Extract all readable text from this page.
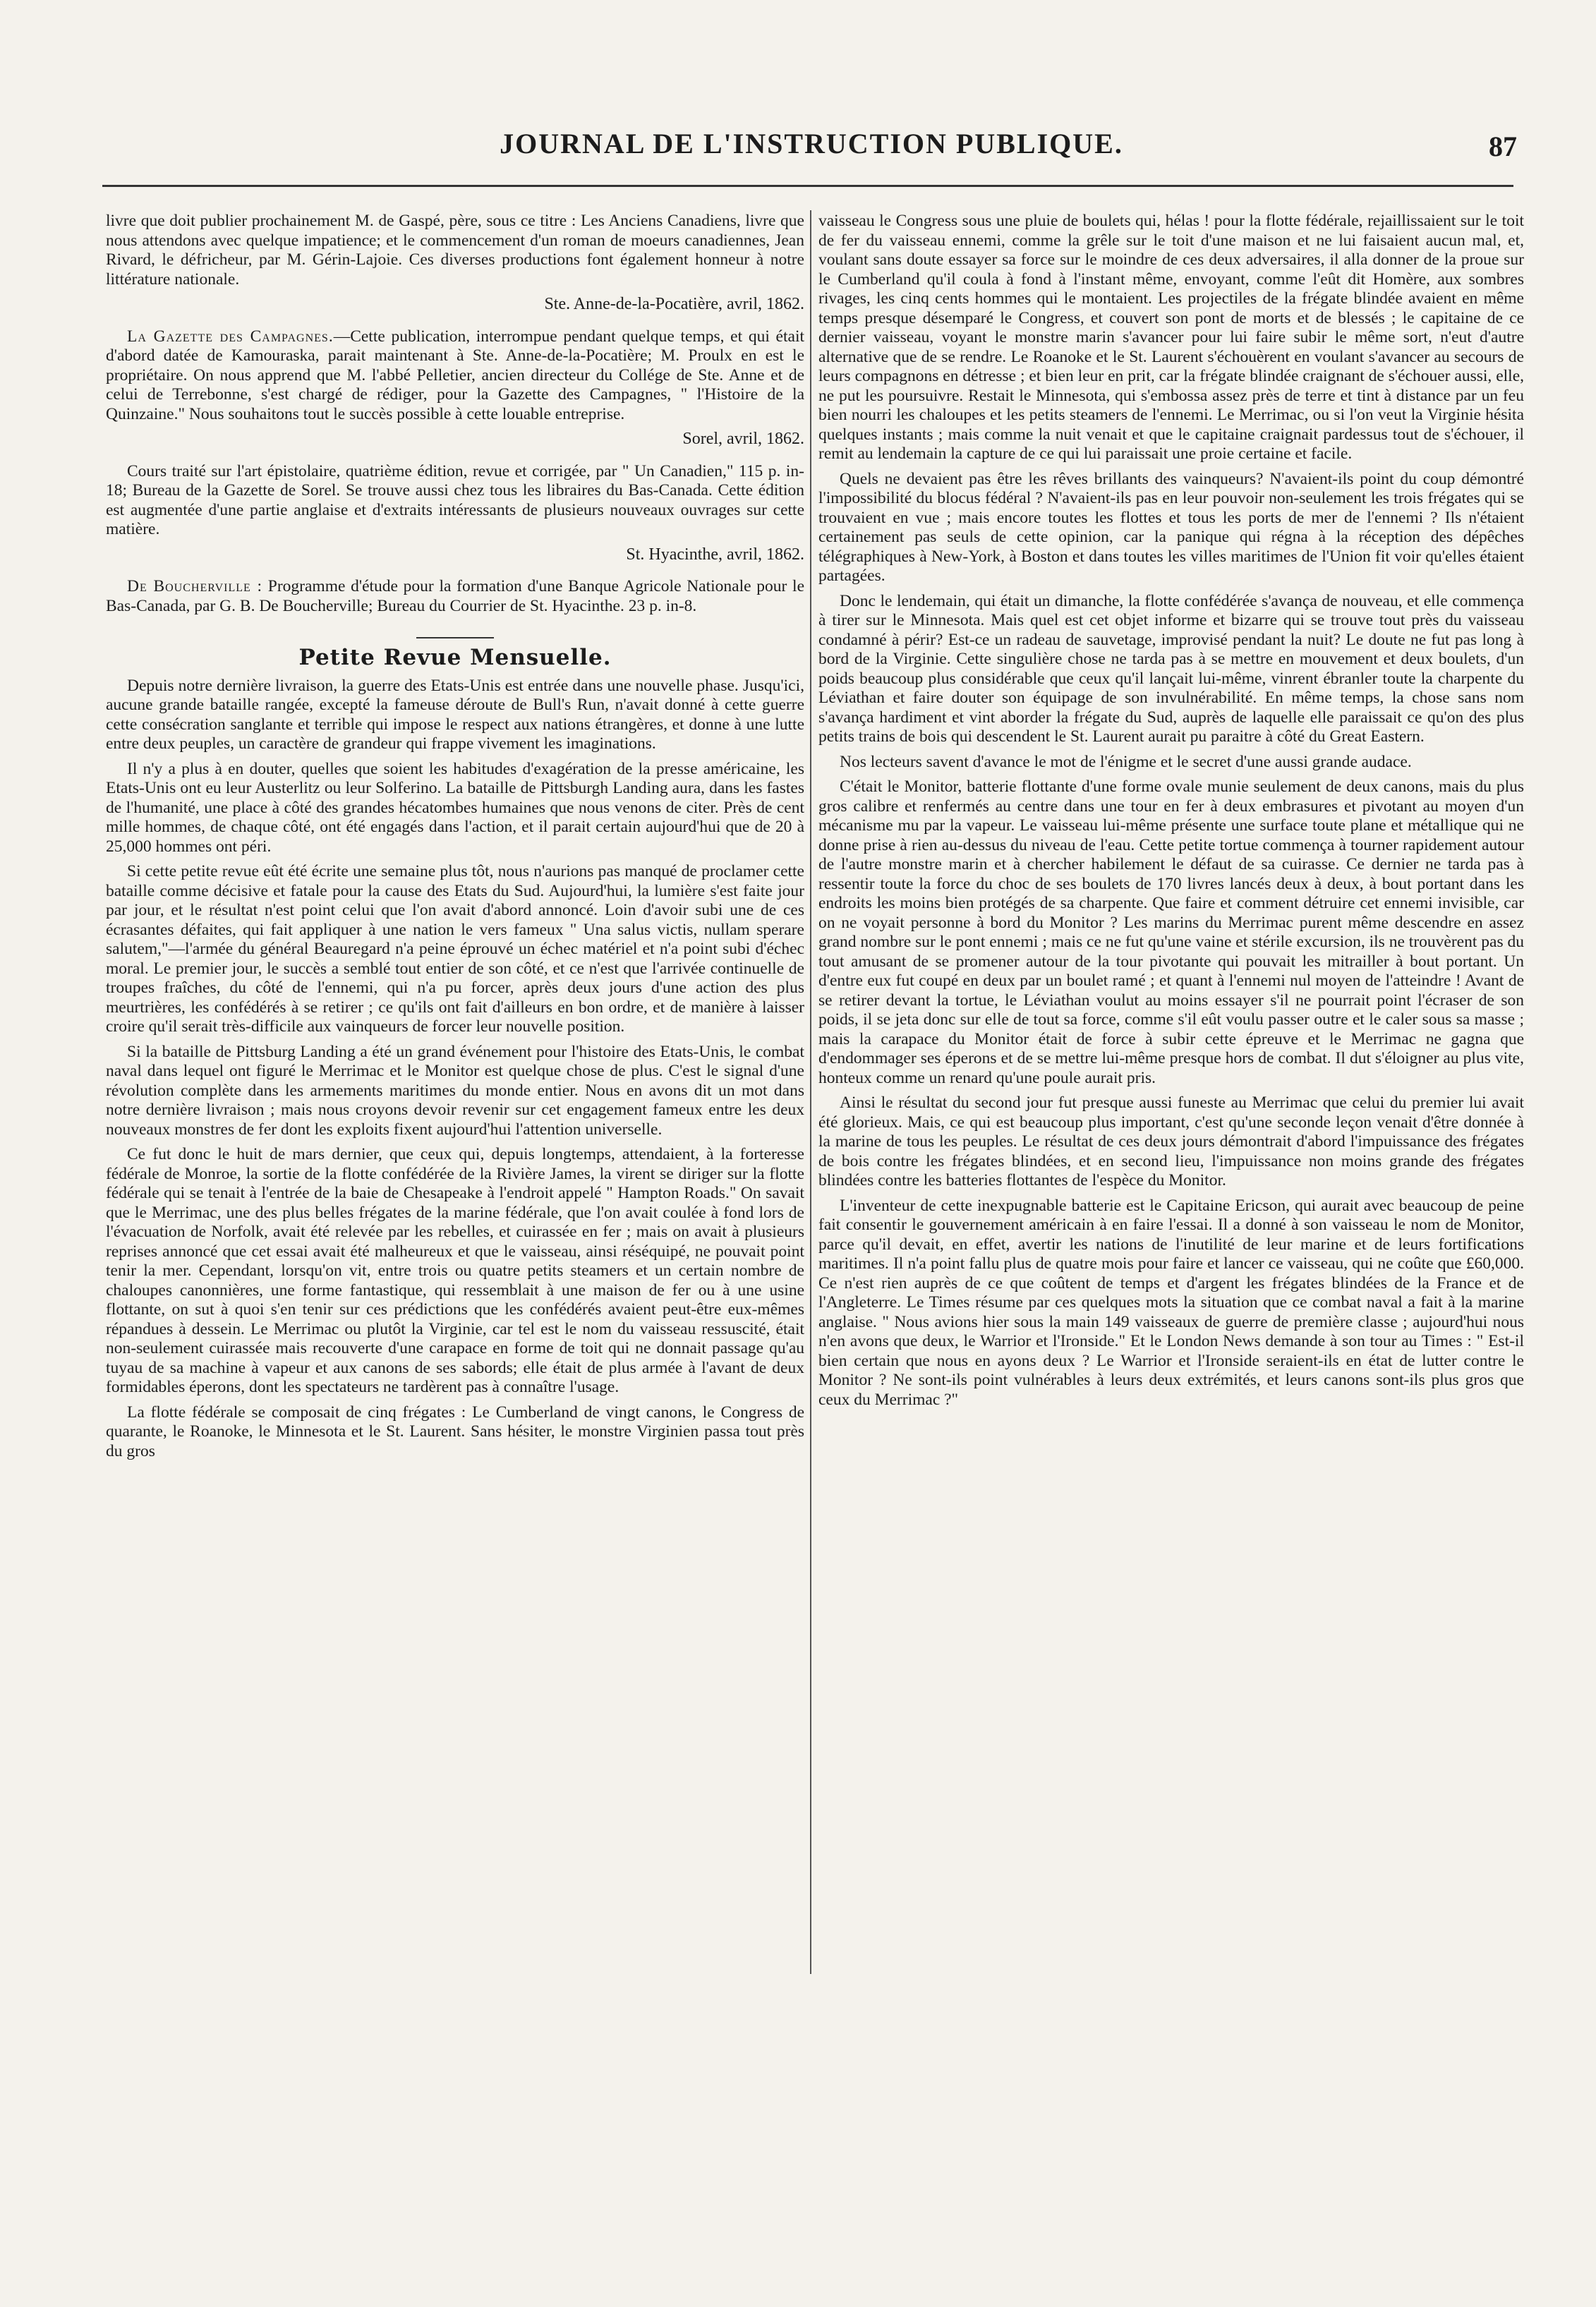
JOURNAL DE L'INSTRUCTION PUBLIQUE.	87

livre que doit publier prochainement M. de Gaspé, père, sous ce titre : Les Anciens Canadiens, livre que nous attendons avec quelque impatience; et le commencement d'un roman de moeurs canadiennes, Jean Rivard, le défricheur, par M. Gérin-Lajoie. Ces diverses productions font également honneur à notre littérature nationale.

Ste. Anne-de-la-Pocatière, avril, 1862.

La Gazette des Campagnes.—Cette publication, interrompue pendant quelque temps, et qui était d'abord datée de Kamouraska, parait maintenant à Ste. Anne-de-la-Pocatière; M. Proulx en est le propriétaire. On nous apprend que M. l'abbé Pelletier, ancien directeur du Collége de Ste. Anne et de celui de Terrebonne, s'est chargé de rédiger, pour la Gazette des Campagnes, " l'Histoire de la Quinzaine." Nous souhaitons tout le succès possible à cette louable entreprise.

Sorel, avril, 1862.

Cours traité sur l'art épistolaire, quatrième édition, revue et corrigée, par " Un Canadien," 115 p. in-18; Bureau de la Gazette de Sorel. Se trouve aussi chez tous les libraires du Bas-Canada. Cette édition est augmentée d'une partie anglaise et d'extraits intéressants de plusieurs nouveaux ouvrages sur cette matière.

St. Hyacinthe, avril, 1862.

De Boucherville : Programme d'étude pour la formation d'une Banque Agricole Nationale pour le Bas-Canada, par G. B. De Boucherville; Bureau du Courrier de St. Hyacinthe. 23 p. in-8.

Petite Revue Mensuelle.

Depuis notre dernière livraison, la guerre des Etats-Unis est entrée dans une nouvelle phase. Jusqu'ici, aucune grande bataille rangée, excepté la fameuse déroute de Bull's Run, n'avait donné à cette guerre cette consécration sanglante et terrible qui impose le respect aux nations étrangères, et donne à une lutte entre deux peuples, un caractère de grandeur qui frappe vivement les imaginations.

Il n'y a plus à en douter, quelles que soient les habitudes d'exagération de la presse américaine, les Etats-Unis ont eu leur Austerlitz ou leur Solferino. La bataille de Pittsburgh Landing aura, dans les fastes de l'humanité, une place à côté des grandes hécatombes humaines que nous venons de citer. Près de cent mille hommes, de chaque côté, ont été engagés dans l'action, et il parait certain aujourd'hui que de 20 à 25,000 hommes ont péri.

Si cette petite revue eût été écrite une semaine plus tôt, nous n'aurions pas manqué de proclamer cette bataille comme décisive et fatale pour la cause des Etats du Sud. Aujourd'hui, la lumière s'est faite jour par jour, et le résultat n'est point celui que l'on avait d'abord annoncé. Loin d'avoir subi une de ces écrasantes défaites, qui fait appliquer à une nation le vers fameux " Una salus victis, nullam sperare salutem,"—l'armée du général Beauregard n'a peine éprouvé un échec matériel et n'a point subi d'échec moral. Le premier jour, le succès a semblé tout entier de son côté, et ce n'est que l'arrivée continuelle de troupes fraîches, du côté de l'ennemi, qui n'a pu forcer, après deux jours d'une action des plus meurtrières, les confédérés à se retirer ; ce qu'ils ont fait d'ailleurs en bon ordre, et de manière à laisser croire qu'il serait très-difficile aux vainqueurs de forcer leur nouvelle position.

Si la bataille de Pittsburg Landing a été un grand événement pour l'histoire des Etats-Unis, le combat naval dans lequel ont figuré le Merrimac et le Monitor est quelque chose de plus. C'est le signal d'une révolution complète dans les armements maritimes du monde entier. Nous en avons dit un mot dans notre dernière livraison ; mais nous croyons devoir revenir sur cet engagement fameux entre les deux nouveaux monstres de fer dont les exploits fixent aujourd'hui l'attention universelle.

Ce fut donc le huit de mars dernier, que ceux qui, depuis longtemps, attendaient, à la forteresse fédérale de Monroe, la sortie de la flotte confédérée de la Rivière James, la virent se diriger sur la flotte fédérale qui se tenait à l'entrée de la baie de Chesapeake à l'endroit appelé " Hampton Roads." On savait que le Merrimac, une des plus belles frégates de la marine fédérale, que l'on avait coulée à fond lors de l'évacuation de Norfolk, avait été relevée par les rebelles, et cuirassée en fer ; mais on avait à plusieurs reprises annoncé que cet essai avait été malheureux et que le vaisseau, ainsi réséquipé, ne pouvait point tenir la mer. Cependant, lorsqu'on vit, entre trois ou quatre petits steamers et un certain nombre de chaloupes canonnières, une forme fantastique, qui ressemblait à une maison de fer ou à une usine flottante, on sut à quoi s'en tenir sur ces prédictions que les confédérés avaient peut-être eux-mêmes répandues à dessein. Le Merrimac ou plutôt la Virginie, car tel est le nom du vaisseau ressuscité, était non-seulement cuirassée mais recouverte d'une carapace en forme de toit qui ne donnait passage qu'au tuyau de sa machine à vapeur et aux canons de ses sabords; elle était de plus armée à l'avant de deux formidables éperons, dont les spectateurs ne tardèrent pas à connaître l'usage.

La flotte fédérale se composait de cinq frégates : Le Cumberland de vingt canons, le Congress de quarante, le Roanoke, le Minnesota et le St. Laurent. Sans hésiter, le monstre Virginien passa tout près du gros

vaisseau le Congress sous une pluie de boulets qui, hélas ! pour la flotte fédérale, rejaillissaient sur le toit de fer du vaisseau ennemi, comme la grêle sur le toit d'une maison et ne lui faisaient aucun mal, et, voulant sans doute essayer sa force sur le moindre de ces deux adversaires, il alla donner de la proue sur le Cumberland qu'il coula à fond à l'instant même, envoyant, comme l'eût dit Homère, aux sombres rivages, les cinq cents hommes qui le montaient. Les projectiles de la frégate blindée avaient en même temps presque désemparé le Congress, et couvert son pont de morts et de blessés ; le capitaine de ce dernier vaisseau, voyant le monstre marin s'avancer pour lui faire subir le même sort, n'eut d'autre alternative que de se rendre. Le Roanoke et le St. Laurent s'échouèrent en voulant s'avancer au secours de leurs compagnons en détresse ; et bien leur en prit, car la frégate blindée craignant de s'échouer aussi, elle, ne put les poursuivre. Restait le Minnesota, qui s'embossa assez près de terre et tint à distance par un feu bien nourri les chaloupes et les petits steamers de l'ennemi. Le Merrimac, ou si l'on veut la Virginie hésita quelques instants ; mais comme la nuit venait et que le capitaine craignait pardessus tout de s'échouer, il remit au lendemain la capture de ce qui lui paraissait une proie certaine et facile.

Quels ne devaient pas être les rêves brillants des vainqueurs? N'avaient-ils point du coup démontré l'impossibilité du blocus fédéral ? N'avaient-ils pas en leur pouvoir non-seulement les trois frégates qui se trouvaient en vue ; mais encore toutes les flottes et tous les ports de mer de l'ennemi ? Ils n'étaient certainement pas seuls de cette opinion, car la panique qui régna à la réception des dépêches télégraphiques à New-York, à Boston et dans toutes les villes maritimes de l'Union fit voir qu'elles étaient partagées.

Donc le lendemain, qui était un dimanche, la flotte confédérée s'avança de nouveau, et elle commença à tirer sur le Minnesota. Mais quel est cet objet informe et bizarre qui se trouve tout près du vaisseau condamné à périr? Est-ce un radeau de sauvetage, improvisé pendant la nuit? Le doute ne fut pas long à bord de la Virginie. Cette singulière chose ne tarda pas à se mettre en mouvement et deux boulets, d'un poids beaucoup plus considérable que ceux qu'il lançait lui-même, vinrent ébranler toute la charpente du Léviathan et faire douter son équipage de son invulnérabilité. En même temps, la chose sans nom s'avança hardiment et vint aborder la frégate du Sud, auprès de laquelle elle paraissait ce qu'on des plus petits trains de bois qui descendent le St. Laurent aurait pu paraitre à côté du Great Eastern.

Nos lecteurs savent d'avance le mot de l'énigme et le secret d'une aussi grande audace.

C'était le Monitor, batterie flottante d'une forme ovale munie seulement de deux canons, mais du plus gros calibre et renfermés au centre dans une tour en fer à deux embrasures et pivotant au moyen d'un mécanisme mu par la vapeur. Le vaisseau lui-même présente une surface toute plane et métallique qui ne donne prise à rien au-dessus du niveau de l'eau. Cette petite tortue commença à tourner rapidement autour de l'autre monstre marin et à chercher habilement le défaut de sa cuirasse. Ce dernier ne tarda pas à ressentir toute la force du choc de ses boulets de 170 livres lancés deux à deux, à bout portant dans les endroits les moins bien protégés de sa charpente. Que faire et comment détruire cet ennemi invisible, car on ne voyait personne à bord du Monitor ? Les marins du Merrimac purent même descendre en assez grand nombre sur le pont ennemi ; mais ce ne fut qu'une vaine et stérile excursion, ils ne trouvèrent pas du tout amusant de se promener autour de la tour pivotante qui pouvait les mitrailler à bout portant. Un d'entre eux fut coupé en deux par un boulet ramé ; et quant à l'ennemi nul moyen de l'atteindre ! Avant de se retirer devant la tortue, le Léviathan voulut au moins essayer s'il ne pourrait point l'écraser de son poids, il se jeta donc sur elle de tout sa force, comme s'il eût voulu passer outre et le caler sous sa masse ; mais la carapace du Monitor était de force à subir cette épreuve et le Merrimac ne gagna que d'endommager ses éperons et de se mettre lui-même presque hors de combat. Il dut s'éloigner au plus vite, honteux comme un renard qu'une poule aurait pris.

Ainsi le résultat du second jour fut presque aussi funeste au Merrimac que celui du premier lui avait été glorieux. Mais, ce qui est beaucoup plus important, c'est qu'une seconde leçon venait d'être donnée à la marine de tous les peuples. Le résultat de ces deux jours démontrait d'abord l'impuissance des frégates de bois contre les frégates blindées, et en second lieu, l'impuissance non moins grande des frégates blindées contre les batteries flottantes de l'espèce du Monitor.

L'inventeur de cette inexpugnable batterie est le Capitaine Ericson, qui aurait avec beaucoup de peine fait consentir le gouvernement américain à en faire l'essai. Il a donné à son vaisseau le nom de Monitor, parce qu'il devait, en effet, avertir les nations de l'inutilité de leur marine et de leurs fortifications maritimes. Il n'a point fallu plus de quatre mois pour faire et lancer ce vaisseau, qui ne coûte que £60,000. Ce n'est rien auprès de ce que coûtent de temps et d'argent les frégates blindées de la France et de l'Angleterre. Le Times résume par ces quelques mots la situation que ce combat naval a fait à la marine anglaise. " Nous avions hier sous la main 149 vaisseaux de guerre de première classe ; aujourd'hui nous n'en avons que deux, le Warrior et l'Ironside." Et le London News demande à son tour au Times : " Est-il bien certain que nous en ayons deux ? Le Warrior et l'Ironside seraient-ils en état de lutter contre le Monitor ? Ne sont-ils point vulnérables à leurs deux extrémités, et leurs canons sont-ils plus gros que ceux du Merrimac ?"
